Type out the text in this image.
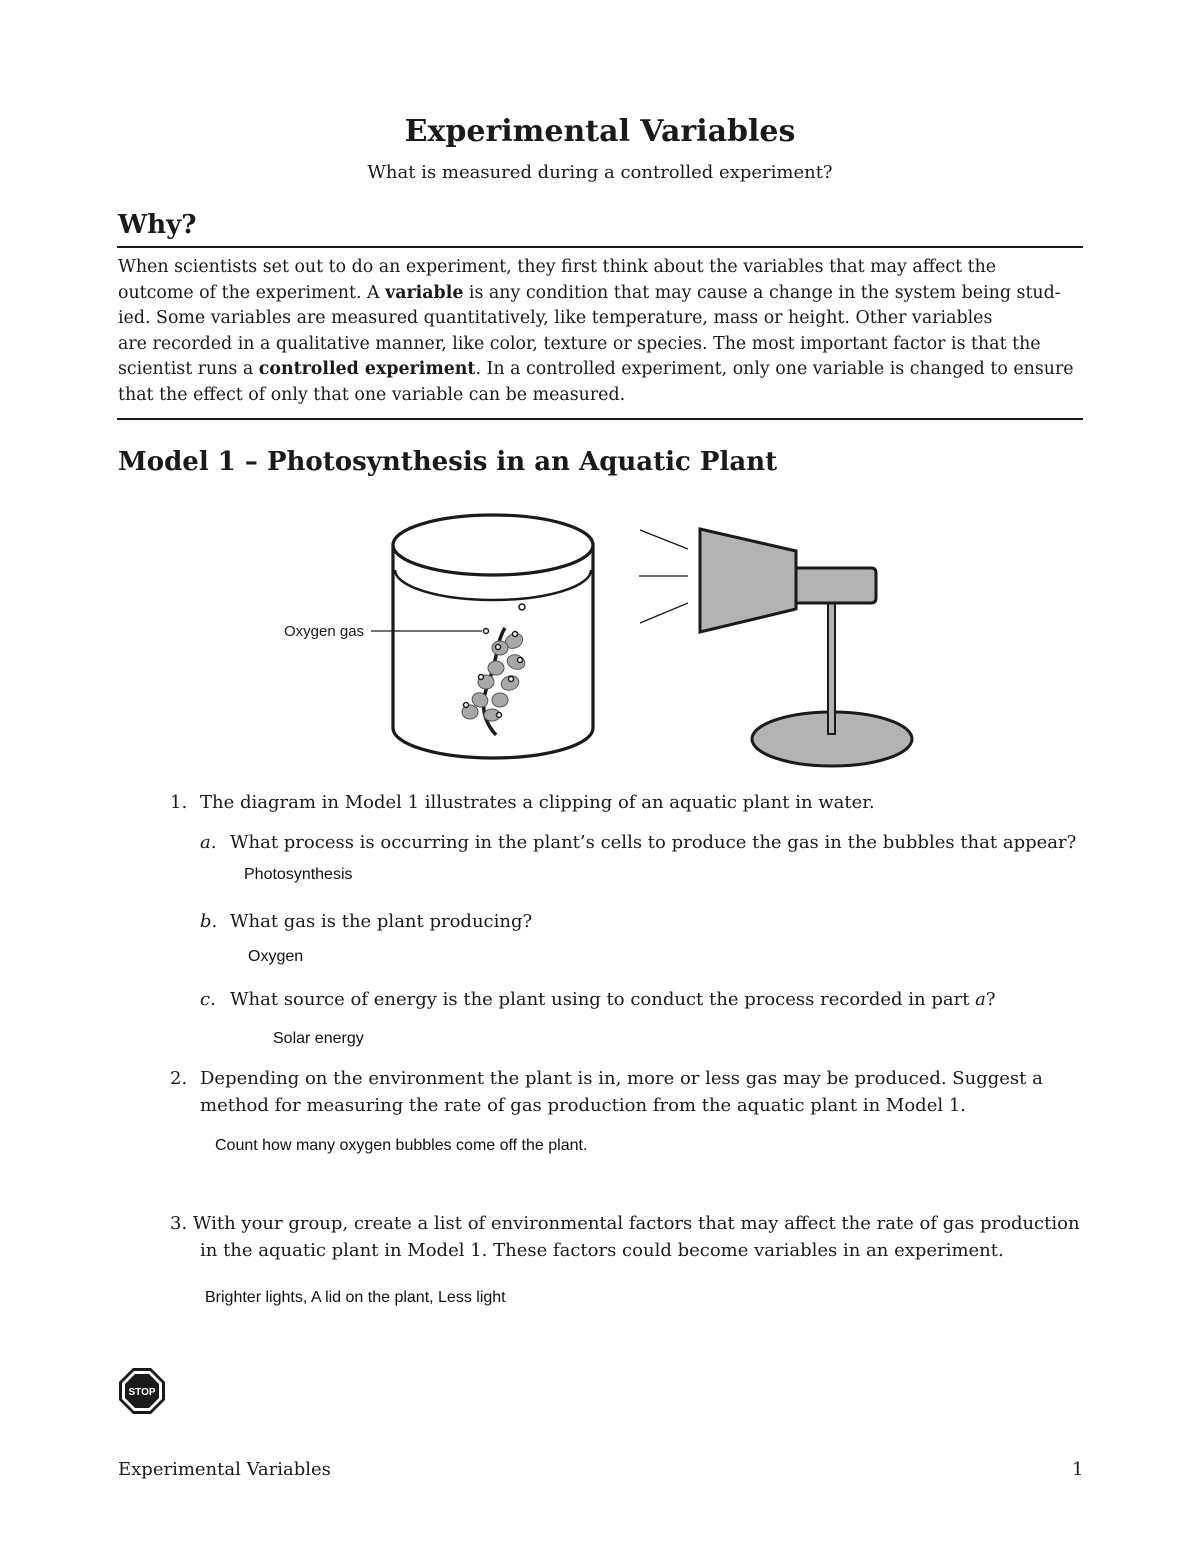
Experimental Variables

What is measured during a controlled experiment?

Why?

When scientists set out to do an experiment, they first think about the variables that may affect the
outcome of the experiment. A variable is any condition that may cause a change in the system being stud-
ied. Some variables are measured quantitatively, like temperature, mass or height. Other variables
are recorded in a qualitative manner, like color, texture or species. The most important factor is that the
scientist runs a controlled experiment. In a controlled experiment, only one variable is changed to ensure
that the effect of only that one variable can be measured.

Model 1 – Photosynthesis in an Aquatic Plant
Oxygen gas
1. The diagram in Model 1 illustrates a clipping of an aquatic plant in water.
a. What process is occurring in the plant’s cells to produce the gas in the bubbles that appear?
Photosynthesis
b. What gas is the plant producing?
Oxygen
c. What source of energy is the plant using to conduct the process recorded in part a?
Solar energy
2. Depending on the environment the plant is in, more or less gas may be produced. Suggest a
method for measuring the rate of gas production from the aquatic plant in Model 1.
Count how many oxygen bubbles come off the plant.
3. With your group, create a list of environmental factors that may affect the rate of gas production
in the aquatic plant in Model 1. These factors could become variables in an experiment.
Brighter lights, A lid on the plant, Less light
STOP
Experimental Variables	1
